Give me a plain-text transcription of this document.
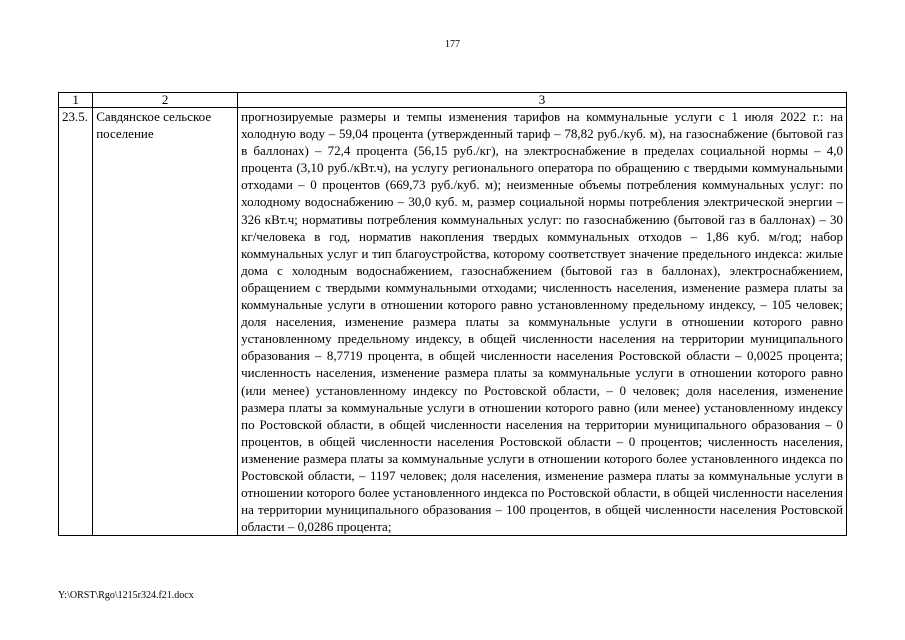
177
1	2	3
23.5.	Савдянское сельское поселение	прогнозируемые размеры и темпы изменения тарифов на коммунальные услуги с 1 июля 2022 г.: на холодную воду – 59,04 процента (утвержденный тариф – 78,82 руб./куб. м), на газоснабжение (бытовой газ в баллонах) – 72,4 процента (56,15 руб./кг), на электроснабжение в пределах социальной нормы – 4,0 процента (3,10 руб./кВт.ч), на услугу регионального оператора по обращению с твердыми коммунальными отходами – 0 процентов (669,73 руб./куб. м); неизменные объемы потребления коммунальных услуг: по холодному водоснабжению – 30,0 куб. м, размер социальной нормы потребления электрической энергии – 326 кВт.ч; нормативы потребления коммунальных услуг: по газоснабжению (бытовой газ в баллонах) – 30 кг/человека в год, норматив накопления твердых коммунальных отходов – 1,86 куб. м/год; набор коммунальных услуг и тип благоустройства, которому соответствует значение предельного индекса: жилые дома с холодным водоснабжением, газоснабжением (бытовой газ в баллонах), электроснабжением, обращением с твердыми коммунальными отходами; численность населения, изменение размера платы за коммунальные услуги в отношении которого равно установленному предельному индексу, – 105 человек; доля населения, изменение размера платы за коммунальные услуги в отношении которого равно установленному предельному индексу, в общей численности населения на территории муниципального образования – 8,7719 процента, в общей численности населения Ростовской области – 0,0025 процента; численность населения, изменение размера платы за коммунальные услуги в отношении которого равно (или менее) установленному индексу по Ростовской области, – 0 человек; доля населения, изменение размера платы за коммунальные услуги в отношении которого равно (или менее) установленному индексу по Ростовской области, в общей численности населения на территории муниципального образования – 0 процентов, в общей численности населения Ростовской области – 0 процентов; численность населения, изменение размера платы за коммунальные услуги в отношении которого более установленного индекса по Ростовской области, – 1197 человек; доля населения, изменение размера платы за коммунальные услуги в отношении которого более установленного индекса по Ростовской области, в общей численности населения на территории муниципального образования – 100 процентов, в общей численности населения Ростовской области – 0,0286 процента;
Y:\ORST\Rgo\1215r324.f21.docx
